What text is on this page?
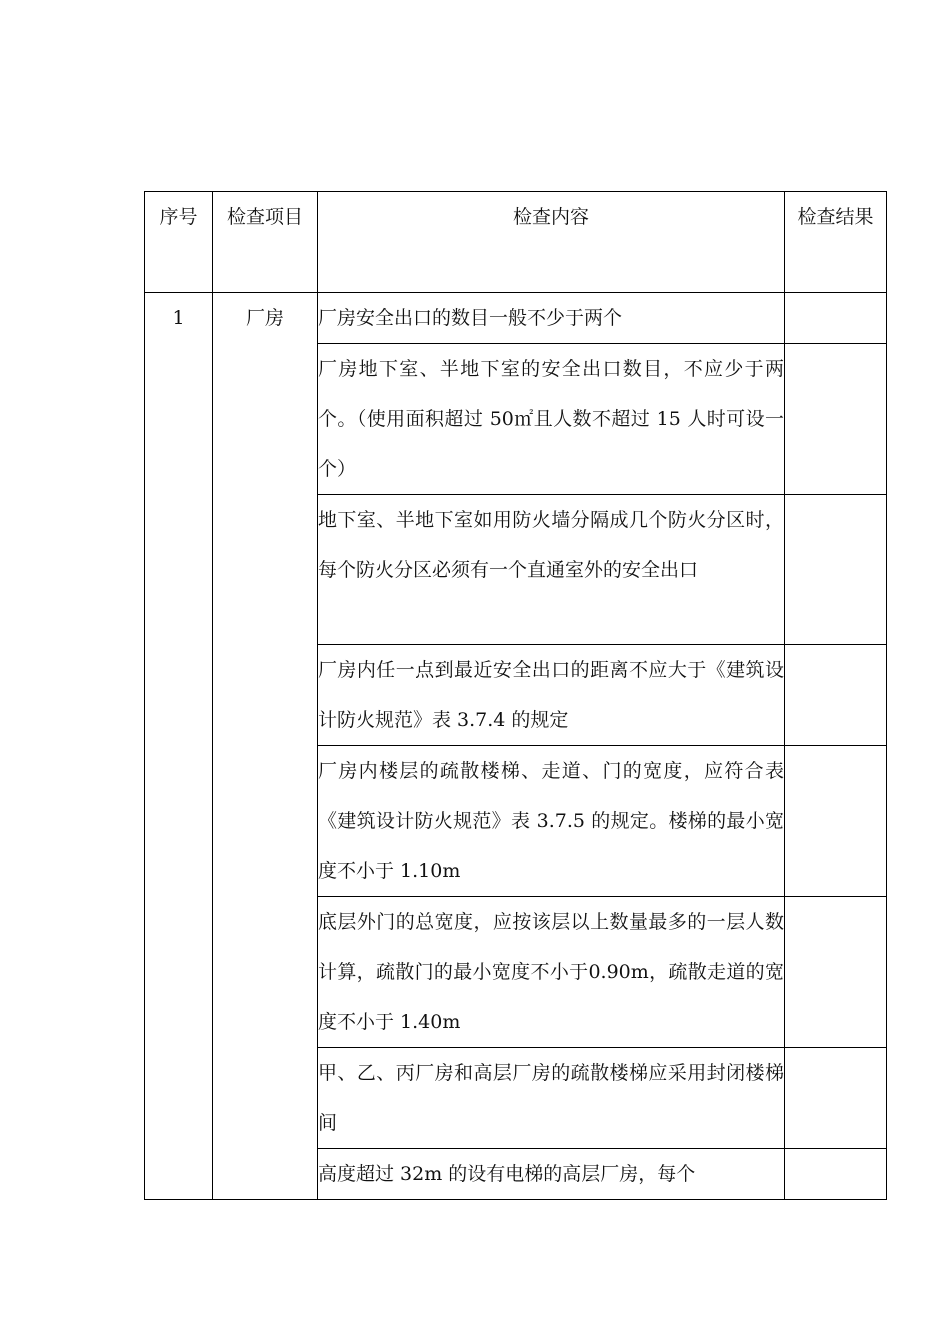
序号	检查项目	检查内容	检查结果
1	厂房	厂房安全出口的数目一般不少于两个	
		厂房地下室、半地下室的安全出口数目，不应少于两个。（使用面积超过 50㎡且人数不超过 15 人时可设一个）	
		地下室、半地下室如用防火墙分隔成几个防火分区时，每个防火分区必须有一个直通室外的安全出口	
		厂房内任一点到最近安全出口的距离不应大于《建筑设计防火规范》表 3.7.4 的规定	
		厂房内楼层的疏散楼梯、走道、门的宽度，应符合表《建筑设计防火规范》表 3.7.5 的规定。楼梯的最小宽度不小于 1.10m	
		底层外门的总宽度，应按该层以上数量最多的一层人数计算，疏散门的最小宽度不小于0.90m，疏散走道的宽度不小于 1.40m	
		甲、乙、丙厂房和高层厂房的疏散楼梯应采用封闭楼梯间	
		高度超过 32m 的设有电梯的高层厂房，每个	
